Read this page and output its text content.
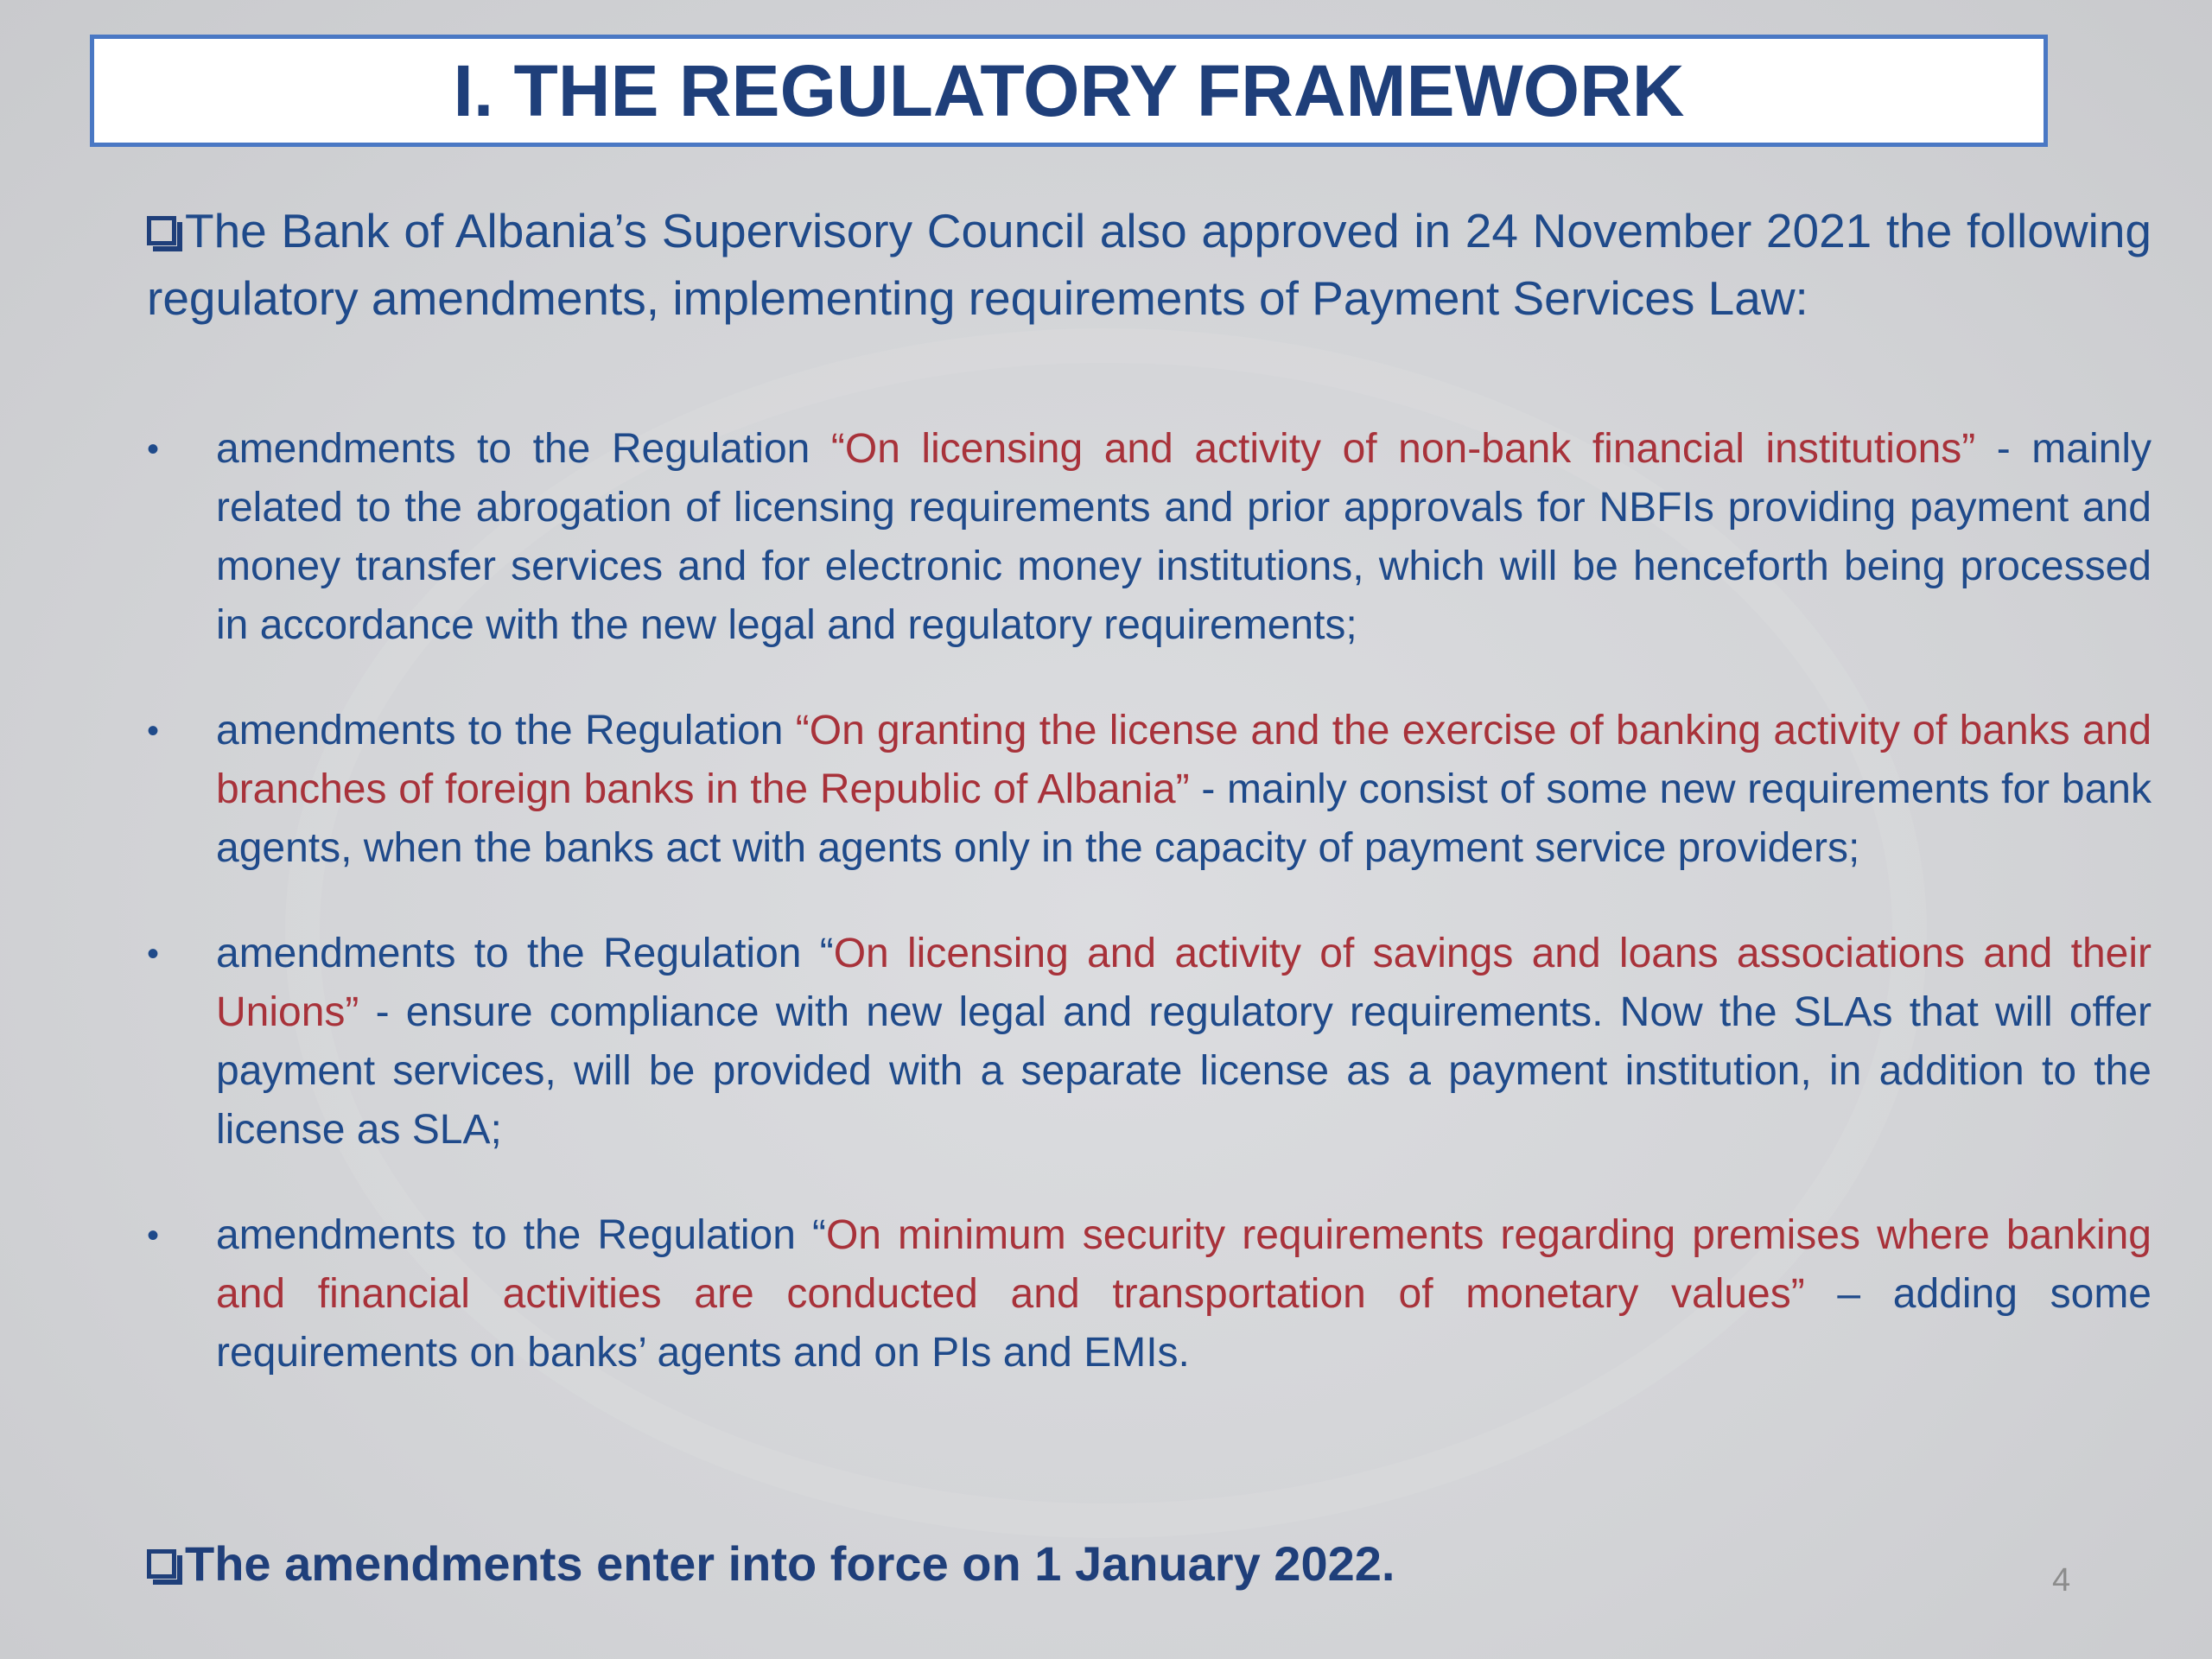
I. THE REGULATORY FRAMEWORK
The Bank of Albania’s Supervisory Council also approved in 24 November 2021 the following regulatory amendments, implementing requirements of Payment Services Law:
• amendments to the Regulation “On licensing and activity of non-bank financial institutions” - mainly related to the abrogation of licensing requirements and prior approvals for NBFIs providing payment and money transfer services and for electronic money institutions, which will be henceforth being processed in accordance with the new legal and regulatory requirements;
• amendments to the Regulation “On granting the license and the exercise of banking activity of banks and branches of foreign banks in the Republic of Albania” - mainly consist of some new requirements for bank agents, when the banks act with agents only in the capacity of payment service providers;
• amendments to the Regulation “On licensing and activity of savings and loans associations and their Unions” - ensure compliance with new legal and regulatory requirements. Now the SLAs that will offer payment services, will be provided with a separate license as a payment institution, in addition to the license as SLA;
• amendments to the Regulation “On minimum security requirements regarding premises where banking and financial activities are conducted and transportation of monetary values” – adding some requirements on banks’ agents and on PIs and EMIs.
The amendments enter into force on 1 January 2022.	4
